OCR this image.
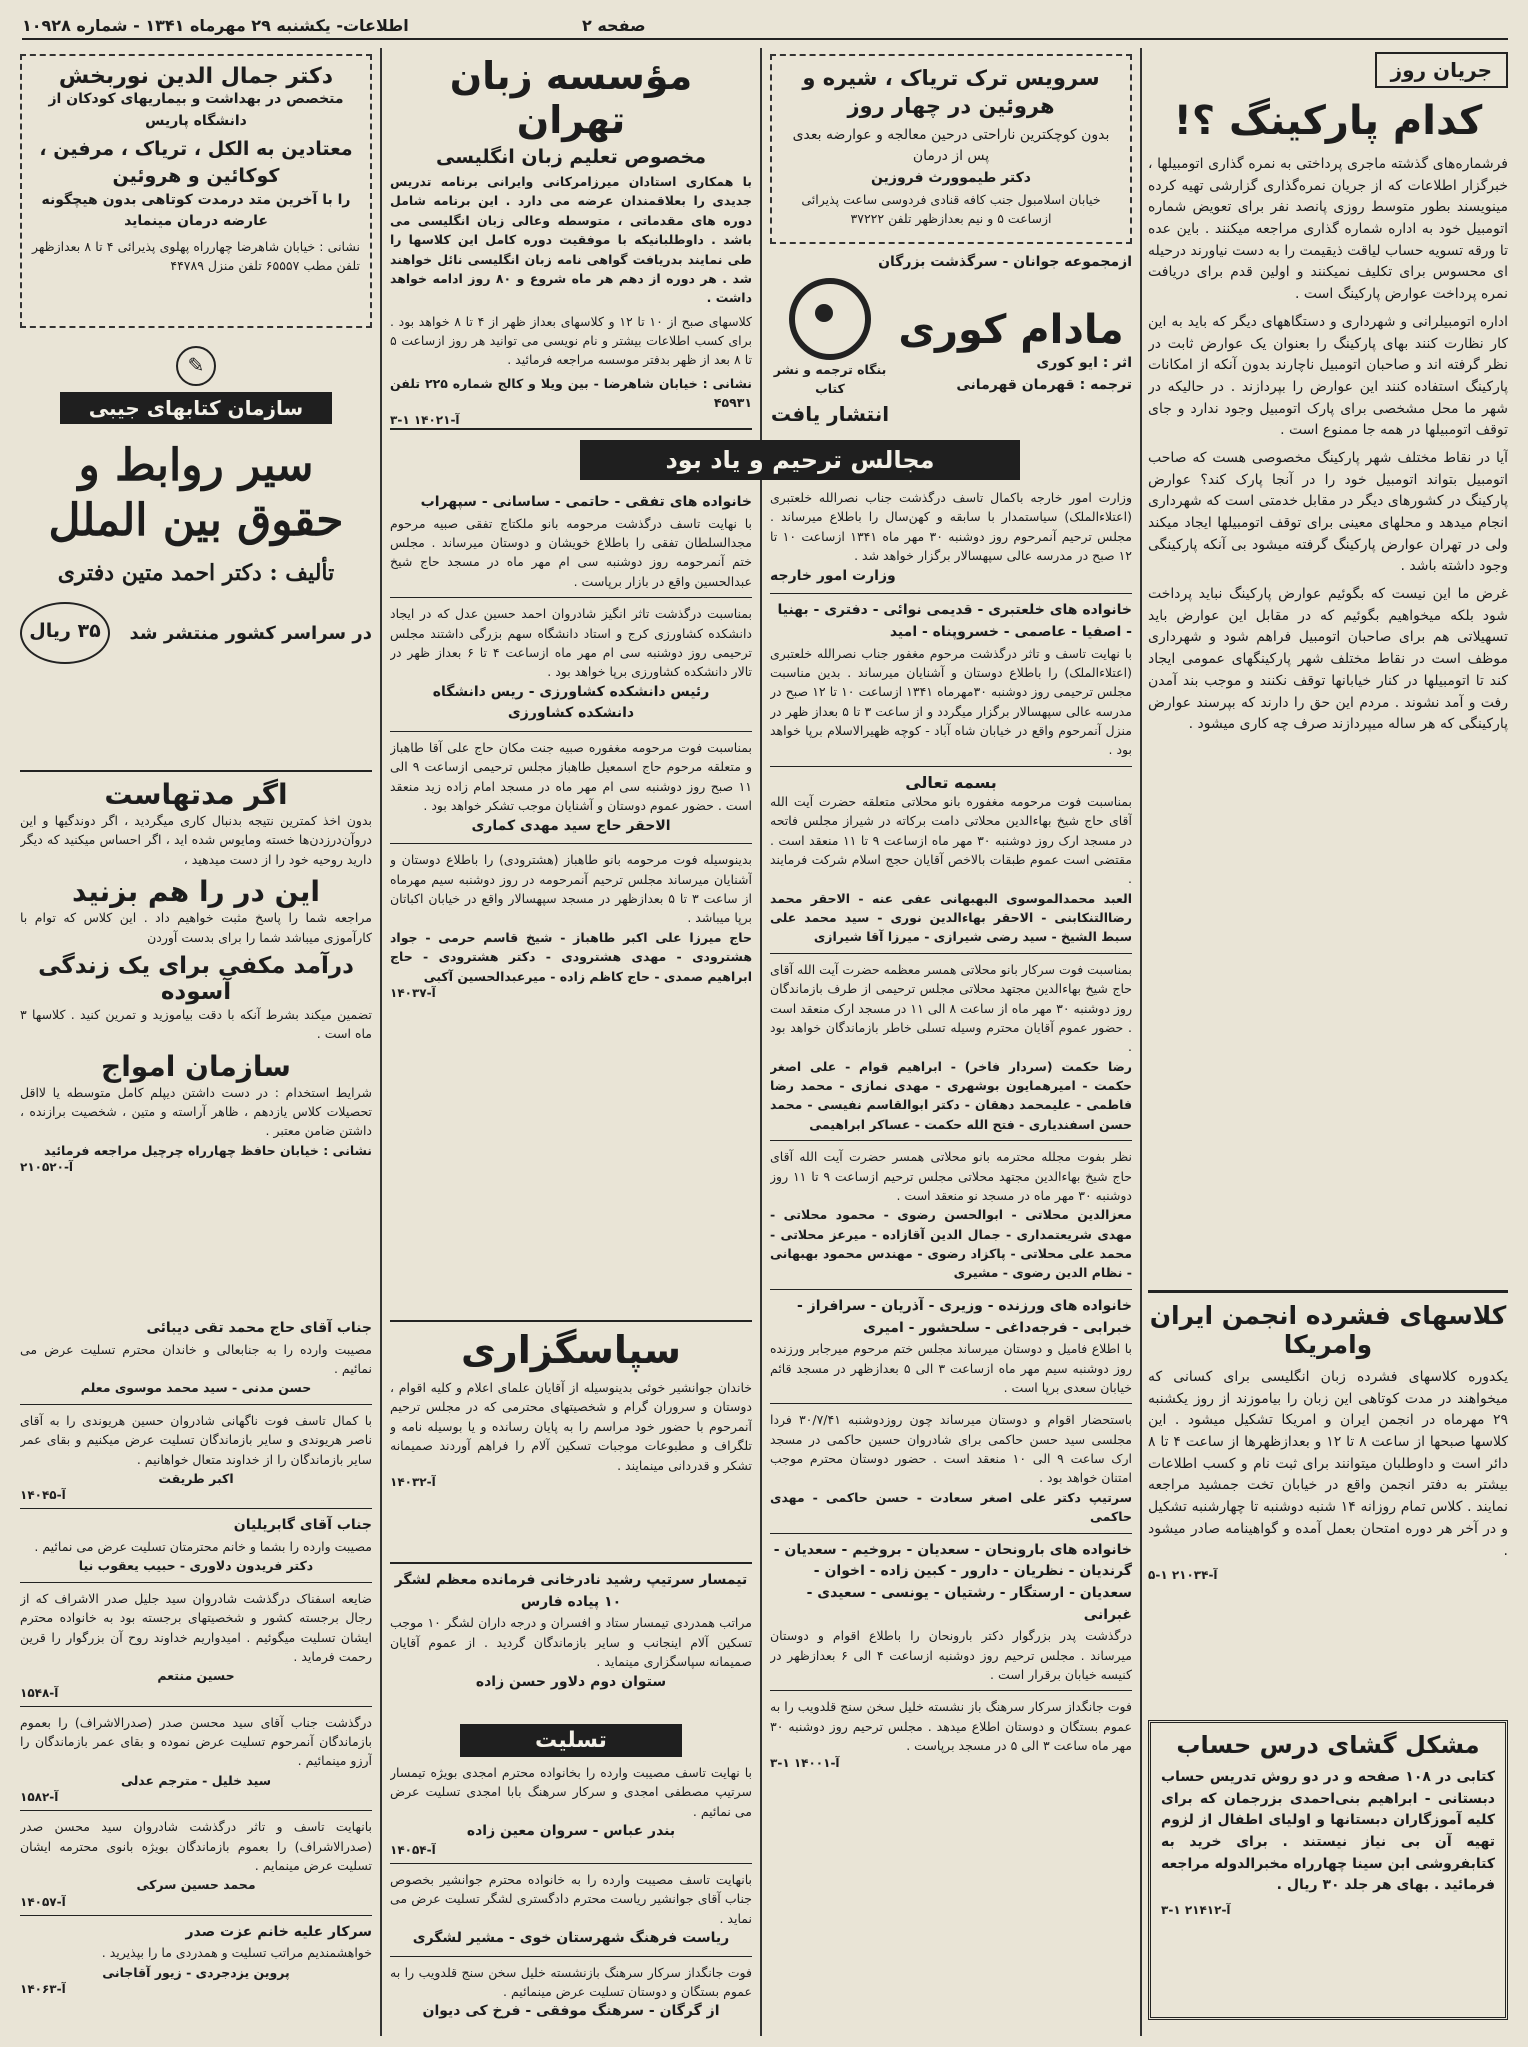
صفحه ۲
اطلاعات- یکشنبه ۲۹ مهرماه ۱۳۴۱ - شماره ۱۰۹۲۸
جریان روز
کدام پارکینگ ؟!

فرشماره‌های گذشته ماجری پرداختی به نمره گذاری اتومبیلها ، خبرگزار اطلاعات که از جریان نمره‌گذاری گزارشی تهیه کرده مینویسند بطور متوسط روزی پانصد نفر برای تعویض شماره اتومبیل خود به اداره شماره گذاری مراجعه میکنند . باین عده تا ورقه تسویه حساب لیاقت ذیقیمت را به دست نیاورند درحیله ای محسوس برای تکلیف نمیکنند و اولین قدم برای دریافت نمره پرداخت عوارض پارکینگ است .

اداره اتومبیلرانی و شهرداری و دستگاههای دیگر که باید به این کار نظارت کنند بهای پارکینگ را بعنوان یک عوارض ثابت در نظر گرفته اند و صاحبان اتومبیل ناچارند بدون آنکه از امکانات پارکینگ استفاده کنند این عوارض را بپردازند . در حالیکه در شهر ما محل مشخصی برای پارک اتومبیل وجود ندارد و جای توقف اتومبیلها در همه جا ممنوع است .

آیا در نقاط مختلف شهر پارکینگ مخصوصی هست که صاحب اتومبیل بتواند اتومبیل خود را در آنجا پارک کند؟ عوارض پارکینگ در کشورهای دیگر در مقابل خدمتی است که شهرداری انجام میدهد و محلهای معینی برای توقف اتومبیلها ایجاد میکند ولی در تهران عوارض پارکینگ گرفته میشود بی آنکه پارکینگی وجود داشته باشد .

غرض ما این نیست که بگوئیم عوارض پارکینگ نباید پرداخت شود بلکه میخواهیم بگوئیم که در مقابل این عوارض باید تسهیلاتی هم برای صاحبان اتومبیل فراهم شود و شهرداری موظف است در نقاط مختلف شهر پارکینگهای عمومی ایجاد کند تا اتومبیلها در کنار خیابانها توقف نکنند و موجب بند آمدن رفت و آمد نشوند . مردم این حق را دارند که بپرسند عوارض پارکینگی که هر ساله میپردازند صرف چه کاری میشود .

کلاسهای فشرده انجمن ایران وامریکا

یکدوره کلاسهای فشرده زبان انگلیسی برای کسانی که میخواهند در مدت کوتاهی این زبان را بیاموزند از روز یکشنبه ۲۹ مهرماه در انجمن ایران و امریکا تشکیل میشود . این کلاسها صبحها از ساعت ۸ تا ۱۲ و بعدازظهرها از ساعت ۴ تا ۸ دائر است و داوطلبان میتوانند برای ثبت نام و کسب اطلاعات بیشتر به دفتر انجمن واقع در خیابان تخت جمشید مراجعه نمایند . کلاس تمام روزانه ۱۴ شنبه دوشنبه تا چهارشنبه تشکیل و در آخر هر دوره امتحان بعمل آمده و گواهینامه صادر میشود .

آ-۲۱۰۳۴ ۱-۵
مشکل گشای درس حساب

کتابی در ۱۰۸ صفحه و در دو روش تدریس حساب دبستانی - ابراهیم بنی‌احمدی بزرجمان که برای کلیه آموزگاران دبستانها و اولیای اطفال از لزوم تهیه آن بی نیاز نیستند . برای خرید به کتابفروشی ابن سینا چهارراه مخبرالدوله مراجعه فرمائید . بهای هر جلد ۳۰ ریال .

آ-۲۱۴۱۲ ۱-۳
سرویس ترک تریاک ، شیره و هروئین در چهار روز

بدون کوچکترین ناراحتی درحین معالجه و عوارضه بعدی پس از درمان

دکتر طیموورث فروزین

خیابان اسلامبول جنب کافه قنادی فردوسی ساعت پذیرائی ازساعت ۵ و نیم بعدازظهر تلفن ۳۷۲۲۲

ازمجموعه جوانان - سرگذشت بزرگان
مادام کوری
اثر : ایو کوری
ترجمه : قهرمان قهرمانی
بنگاه ترجمه و نشر کتاب
انتشار یافت
مجالس ترحیم و یاد بود

وزارت امور خارجه باکمال تاسف درگذشت جناب نصرالله خلعتبری (اعتلاءالملک) سیاستمدار با سابقه و کهن‌سال را باطلاع میرساند . مجلس ترحیم آنمرحوم روز دوشنبه ۳۰ مهر ماه ۱۳۴۱ ازساعت ۱۰ تا ۱۲ صبح در مدرسه عالی سپهسالار برگزار خواهد شد .

وزارت امور خارجه
خانواده های خلعتبری - قدیمی نوائی - دفتری - بهنیا - اصفیا - عاصمی - خسروپناه - امید

با نهایت تاسف و تاثر درگذشت مرحوم مغفور جناب نصرالله خلعتبری (اعتلاءالملک) را باطلاع دوستان و آشنایان میرساند . بدین مناسبت مجلس ترحیمی روز دوشنبه ۳۰مهرماه ۱۳۴۱ ازساعت ۱۰ تا ۱۲ صبح در مدرسه عالی سپهسالار برگزار میگردد و از ساعت ۳ تا ۵ بعداز ظهر در منزل آنمرحوم واقع در خیابان شاه آباد - کوچه ظهیرالاسلام برپا خواهد بود .

بسمه تعالی

بمناسبت فوت مرحومه مغفوره بانو محلاتی متعلقه حضرت آیت الله آقای حاج شیخ بهاءالدین محلاتی دامت برکاته در شیراز مجلس فاتحه در مسجد ارک روز دوشنبه ۳۰ مهر ماه ازساعت ۹ تا ۱۱ منعقد است . مقتضی است عموم طبقات بالاخص آقایان حجج اسلام شرکت فرمایند .

العبد محمدالموسوی البهبهانی عفی عنه - الاحقر محمد رضاالتنکابنی - الاحقر بهاءالدین نوری - سید محمد علی سبط الشیخ - سید رضی شیرازی - میرزا آقا شیرازی

بمناسبت فوت سرکار بانو محلاتی همسر معظمه حضرت آیت الله آقای حاج شیخ بهاءالدین مجتهد محلاتی مجلس ترحیمی از طرف بازماندگان روز دوشنبه ۳۰ مهر ماه از ساعت ۸ الی ۱۱ در مسجد ارک منعقد است . حضور عموم آقایان محترم وسیله تسلی خاطر بازماندگان خواهد بود .

رضا حکمت (سردار فاخر) - ابراهیم قوام - علی اصغر حکمت - امیرهمایون بوشهری - مهدی نمازی - محمد رضا فاطمی - علیمحمد دهقان - دکتر ابوالقاسم نفیسی - محمد حسن اسفندیاری - فتح الله حکمت - عساکر ابراهیمی

نظر بفوت مجلله محترمه بانو محلاتی همسر حضرت آیت الله آقای حاج شیخ بهاءالدین مجتهد محلاتی مجلس ترحیم ازساعت ۹ تا ۱۱ روز دوشنبه ۳۰ مهر ماه در مسجد نو منعقد است .

معزالدین محلاتی - ابوالحسن رضوی - محمود محلاتی - مهدی شریعتمداری - جمال الدین آقازاده - میرعز محلاتی - محمد علی محلاتی - پاکزاد رضوی - مهندس محمود بهبهانی - نظام الدین رضوی - مشیری

خانواده های ورزنده - وزیری - آذریان - سرافراز - خبرابی - فرجه‌داغی - سلحشور - امیری

با اطلاع فامیل و دوستان میرساند مجلس ختم مرحوم میرجابر ورزنده روز دوشنبه سیم مهر ماه ازساعت ۳ الی ۵ بعدازظهر در مسجد قائم خیابان سعدی برپا است .

باستحضار اقوام و دوستان میرساند چون روزدوشنبه ۳۰/۷/۴۱ فردا مجلسی سید حسن حاکمی برای شادروان حسین حاکمی در مسجد ارک ساعت ۹ الی ۱۰ منعقد است . حضور دوستان محترم موجب امتنان خواهد بود .

سرتیپ دکتر علی اصغر سعادت - حسن حاکمی - مهدی حاکمی

خانواده های بارونحان - سعدیان - بروخیم - سعدیان - گرندیان - نظریان - دارور - کبین زاده - اخوان - سعدیان - ارستگار - رشتیان - یونسی - سعیدی - غبرانی

درگذشت پدر بزرگوار دکتر بارونحان را باطلاع اقوام و دوستان میرساند . مجلس ترحیم روز دوشنبه ازساعت ۴ الی ۶ بعدازظهر در کنیسه خیابان برقرار است .

فوت جانگداز سرکار سرهنگ باز نشسته خلیل سخن سنج قلدویب را به عموم بستگان و دوستان اطلاع میدهد . مجلس ترحیم روز دوشنبه ۳۰ مهر ماه ساعت ۳ الی ۵ در مسجد برپاست .

آ-۱۴۰۰۱ ۱-۳
مؤسسه زبان تهران
مخصوص تعلیم زبان انگلیسی

با همکاری استادان میرزامرکانی وایرانی برنامه تدریس جدیدی را بعلاقمندان عرضه می دارد . این برنامه شامل دوره های مقدماتی ، متوسطه وعالی زبان انگلیسی می باشد . داوطلبانیکه با موفقیت دوره کامل این کلاسها را طی نمایند بدریافت گواهی نامه زبان انگلیسی نائل خواهند شد . هر دوره از دهم هر ماه شروع و ۸۰ روز ادامه خواهد داشت .

کلاسهای صبح از ۱۰ تا ۱۲ و کلاسهای بعداز ظهر از ۴ تا ۸ خواهد بود . برای کسب اطلاعات بیشتر و نام نویسی می توانید هر روز ازساعت ۵ تا ۸ بعد از ظهر بدفتر موسسه مراجعه فرمائید .

نشانی : خیابان شاهرضا - بین ویلا و کالج شماره ۲۲۵ تلفن ۴۵۹۳۱

آ-۱۴۰۲۱ ۱-۳
خانواده های تفقی - حاتمی - ساسانی - سپهراب

با نهایت تاسف درگذشت مرحومه بانو ملکتاج تفقی صبیه مرحوم مجدالسلطان تفقی را باطلاع خویشان و دوستان میرساند . مجلس ختم آنمرحومه روز دوشنبه سی ام مهر ماه در مسجد حاج شیخ عبدالحسین واقع در بازار برپاست .

بمناسبت درگذشت تاثر انگیز شادروان احمد حسین عدل که در ایجاد دانشکده کشاورزی کرج و استاد دانشگاه سهم بزرگی داشتند مجلس ترحیمی روز دوشنبه سی ام مهر ماه ازساعت ۴ تا ۶ بعداز ظهر در تالار دانشکده کشاورزی برپا خواهد بود .

رئیس دانشکده کشاورزی - ریس دانشگاه
دانشکده کشاورزی

بمناسبت فوت مرحومه مغفوره صبیه جنت مکان حاج علی آقا طاهباز و متعلقه مرحوم حاج اسمعیل طاهباز مجلس ترحیمی ازساعت ۹ الی ۱۱ صبح روز دوشنبه سی ام مهر ماه در مسجد امام زاده زید منعقد است . حضور عموم دوستان و آشنایان موجب تشکر خواهد بود .

الاحقر حاج سید مهدی کماری

بدینوسیله فوت مرحومه بانو طاهباز (هشترودی) را باطلاع دوستان و آشنایان میرساند مجلس ترحیم آنمرحومه در روز دوشنبه سیم مهرماه از ساعت ۳ تا ۵ بعدازظهر در مسجد سپهسالار واقع در خیابان اکباتان برپا میباشد .

حاج میرزا علی اکبر طاهباز - شیخ قاسم حرمی - جواد هشترودی - مهدی هشترودی - دکتر هشترودی - حاج ابراهیم صمدی - حاج کاظم زاده - میرعبدالحسین آکبی

آ-۱۴۰۳۷
سپاسگزاری

خاندان جوانشیر خوئی بدینوسیله از آقایان علمای اعلام و کلیه اقوام ، دوستان و سروران گرام و شخصیتهای محترمی که در مجلس ترحیم آنمرحوم با حضور خود مراسم را به پایان رسانده و یا بوسیله نامه و تلگراف و مطبوعات موجبات تسکین آلام را فراهم آوردند صمیمانه تشکر و قدردانی مینمایند .

آ-۱۴۰۳۲
تیمسار سرتیپ رشید نادرخانی فرمانده معظم لشگر ۱۰ پیاده فارس

مراتب همدردی تیمسار ستاد و افسران و درجه داران لشگر ۱۰ موجب تسکین آلام اینجانب و سایر بازماندگان گردید . از عموم آقایان صمیمانه سپاسگزاری مینماید .

ستوان دوم دلاور حسن زاده
تسلیت

با نهایت تاسف مصیبت وارده را بخانواده محترم امجدی بویژه تیمسار سرتیپ مصطفی امجدی و سرکار سرهنگ بابا امجدی تسلیت عرض می نمائیم .

بندر عباس - سروان معین زاده
آ-۱۴۰۵۴

بانهایت تاسف مصیبت وارده را به خانواده محترم جوانشیر بخصوص جناب آقای جوانشیر ریاست محترم دادگستری لشگر تسلیت عرض می نماید .

ریاست فرهنگ شهرستان خوی - مشیر لشگری

فوت جانگداز سرکار سرهنگ بازنشسته خلیل سخن سنج قلدویب را به عموم بستگان و دوستان تسلیت عرض مینمائیم .

از گرگان - سرهنگ موفقی - فرخ کی دیوان
دکتر جمال الدین نوربخش

متخصص در بهداشت و بیماریهای کودکان از دانشگاه پاریس

معتادین به الکل ، تریاک ، مرفین ، کوکائین و هروئین

را با آخرین متد درمدت کوتاهی بدون هیچگونه عارضه درمان مینماید

نشانی : خیابان شاهرضا چهارراه پهلوی پذیرائی ۴ تا ۸ بعدازظهر تلفن مطب ۶۵۵۵۷ تلفن منزل ۴۴۷۸۹

✎
سازمان کتابهای جیبی
سیر روابط و حقوق بین الملل
تألیف : دکتر احمد متین دفتری
در سراسر کشور منتشر شد
۳۵ ریال
اگر مدتهاست

بدون اخذ کمترین نتیجه بدنبال کاری میگردید ، اگر دوندگیها و این دروآن‌درزدن‌ها خسته ومایوس شده اید ، اگر احساس میکنید که دیگر دارید روحیه خود را از دست میدهید ،

این در را هم بزنید

مراجعه شما را پاسخ مثبت خواهیم داد . این کلاس که توام با کارآموزی میباشد شما را برای بدست آوردن

درآمد مکفی برای یک زندگی آسوده

تضمین میکند بشرط آنکه با دقت بیاموزید و تمرین کنید . کلاسها ۳ ماه است .

سازمان امواج

شرایط استخدام : در دست داشتن دیپلم کامل متوسطه یا لااقل تحصیلات کلاس یازدهم ، ظاهر آراسته و متین ، شخصیت برازنده ، داشتن ضامن معتبر .

نشانی : خیابان حافظ چهارراه چرچیل مراجعه فرمائید

آ-۲۱۰۵۲۰
جناب آقای حاج محمد تقی دیبائی

مصیبت وارده را به جنابعالی و خاندان محترم تسلیت عرض می نمائیم .

حسن مدنی - سید محمد موسوی معلم

با کمال تاسف فوت ناگهانی شادروان حسین هریوندی را به آقای ناصر هریوندی و سایر بازماندگان تسلیت عرض میکنیم و بقای عمر سایر بازماندگان را از خداوند متعال خواهانیم .

اکبر طریقت
آ-۱۴۰۴۵
جناب آقای گابریلیان

مصیبت وارده را بشما و خانم محترمتان تسلیت عرض می نمائیم .

دکتر فریدون دلاوری - حبیب یعقوب نیا

ضایعه اسفناک درگذشت شادروان سید جلیل صدر الاشراف که از رجال برجسته کشور و شخصیتهای برجسته بود به خانواده محترم ایشان تسلیت میگوئیم . امیدواریم خداوند روح آن بزرگوار را قرین رحمت فرماید .

حسین منتعم
آ-۱۵۴۸

درگذشت جناب آقای سید محسن صدر (صدرالاشراف) را بعموم بازماندگان آنمرحوم تسلیت عرض نموده و بقای عمر بازماندگان را آرزو مینمائیم .

سید خلیل - مترجم عدلی
آ-۱۵۸۲

بانهایت تاسف و تاثر درگذشت شادروان سید محسن صدر (صدرالاشراف) را بعموم بازماندگان بویژه بانوی محترمه ایشان تسلیت عرض مینمایم .

محمد حسین سرکی
آ-۱۴۰۵۷
سرکار علیه خانم عزت صدر

خواهشمندیم مراتب تسلیت و همدردی ما را بپذیرید .

پروین یزدجردی - زیور آقاجانی
آ-۱۴۰۶۳
